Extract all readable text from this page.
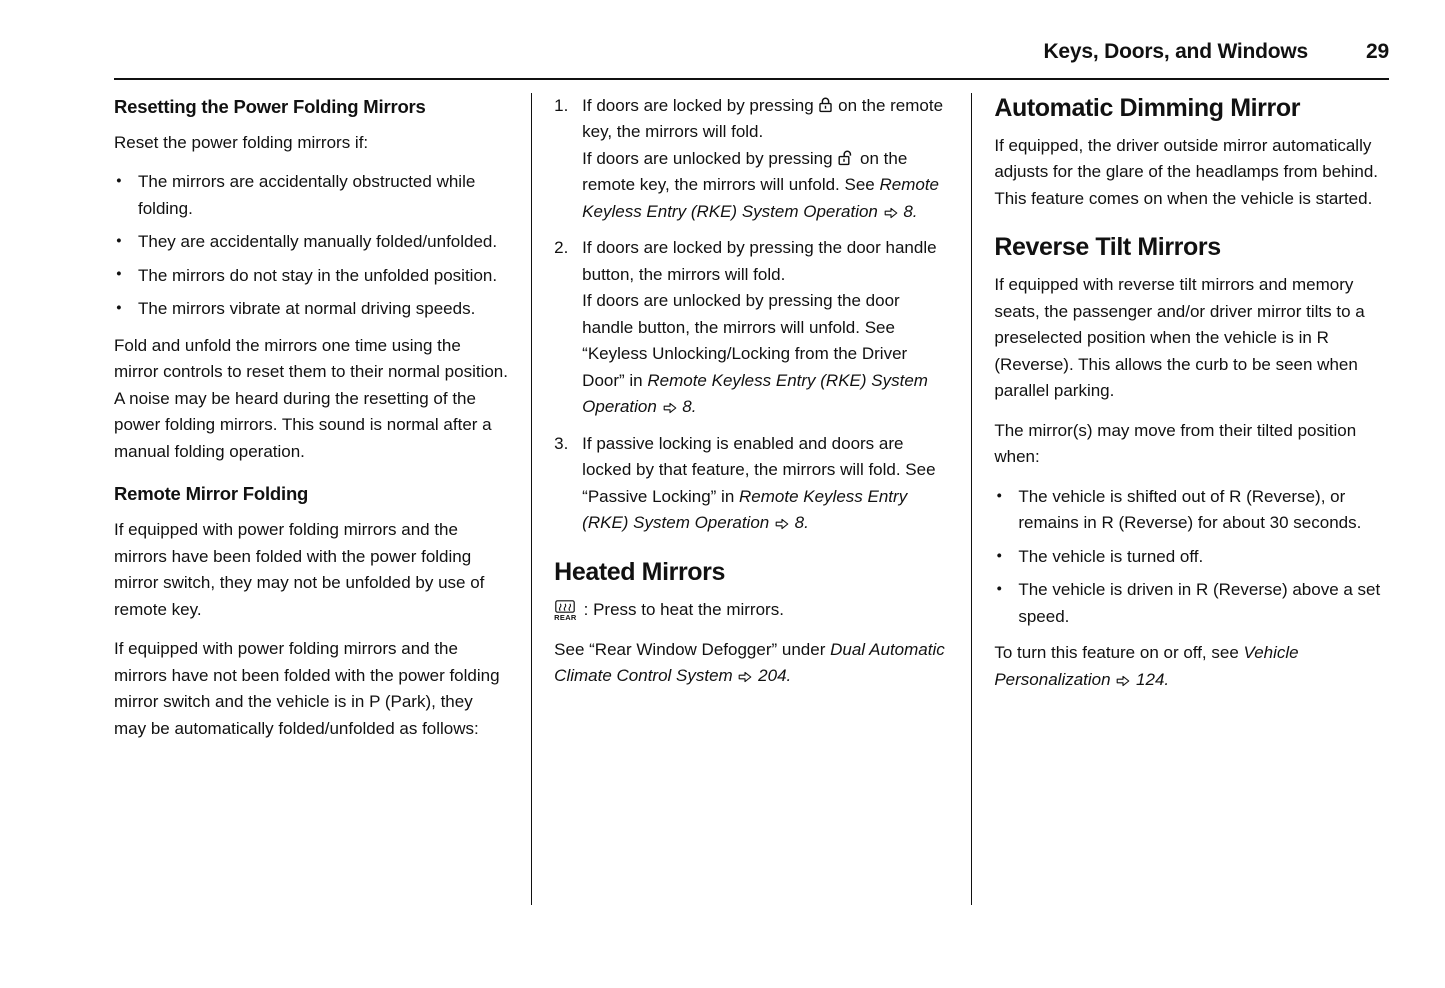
Keys, Doors, and Windows	29
Resetting the Power Folding Mirrors

Reset the power folding mirrors if:

● The mirrors are accidentally obstructed while folding.
● They are accidentally manually folded/unfolded.
● The mirrors do not stay in the unfolded position.
● The mirrors vibrate at normal driving speeds.

Fold and unfold the mirrors one time using the mirror controls to reset them to their normal position. A noise may be heard during the resetting of the power folding mirrors. This sound is normal after a manual folding operation.

Remote Mirror Folding

If equipped with power folding mirrors and the mirrors have been folded with the power folding mirror switch, they may not be unfolded by use of remote key.

If equipped with power folding mirrors and the mirrors have not been folded with the power folding mirror switch and the vehicle is in P (Park), they may be automatically folded/unfolded as follows:

1. If doors are locked by pressing  on the remote key, the mirrors will fold.
If doors are unlocked by pressing  on the remote key, the mirrors will unfold. See Remote Keyless Entry (RKE) System Operation  8.
2. If doors are locked by pressing the door handle button, the mirrors will fold.
If doors are unlocked by pressing the door handle button, the mirrors will unfold. See “Keyless Unlocking/Locking from the Driver Door” in Remote Keyless Entry (RKE) System Operation  8.
3. If passive locking is enabled and doors are locked by that feature, the mirrors will fold. See “Passive Locking” in Remote Keyless Entry (RKE) System Operation  8.
Heated Mirrors

REAR : Press to heat the mirrors.

See “Rear Window Defogger” under Dual Automatic Climate Control System  204.

Automatic Dimming Mirror

If equipped, the driver outside mirror automatically adjusts for the glare of the headlamps from behind. This feature comes on when the vehicle is started.

Reverse Tilt Mirrors

If equipped with reverse tilt mirrors and memory seats, the passenger and/or driver mirror tilts to a preselected position when the vehicle is in R (Reverse). This allows the curb to be seen when parallel parking.

The mirror(s) may move from their tilted position when:

● The vehicle is shifted out of R (Reverse), or remains in R (Reverse) for about 30 seconds.
● The vehicle is turned off.
● The vehicle is driven in R (Reverse) above a set speed.

To turn this feature on or off, see Vehicle Personalization  124.
